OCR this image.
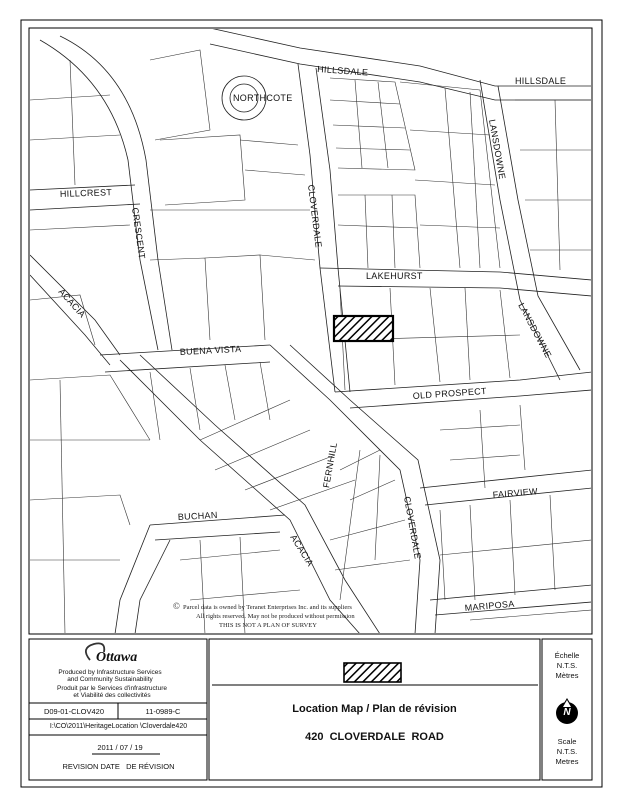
HILLSDALE
HILLSDALE
NORTHCOTE
HILLCREST
CRESCENT	CLOVERDALE
LANSDOWNE
LAKEHURST
ACACIA	LANSDOWNE
BUENA VISTA
OLD PROSPECT
FERNHILL
FAIRVIEW
BUCHAN	CLOVERDALE
ACACIA
MARIPOSA
© Parcel data is owned by Teranet Enterprises Inc. and its suppliers
All rights reserved. May not be produced without permission
THIS IS NOT A PLAN OF SURVEY
Ottawa
Produced by Infrastructure Services
and Community Sustainability
Produit par le Services d'infrastructure
et Viabilité des collectivités
D09-01-CLOV420	11-0989-C
I:\CO\2011\HeritageLocation \Cloverdale420
2011 / 07 / 19
REVISION DATE   DE RÉVISION
Location Map / Plan de révision
420  CLOVERDALE  ROAD
Échelle
N.T.S.
Mètres
N
Scale
N.T.S.
Metres
